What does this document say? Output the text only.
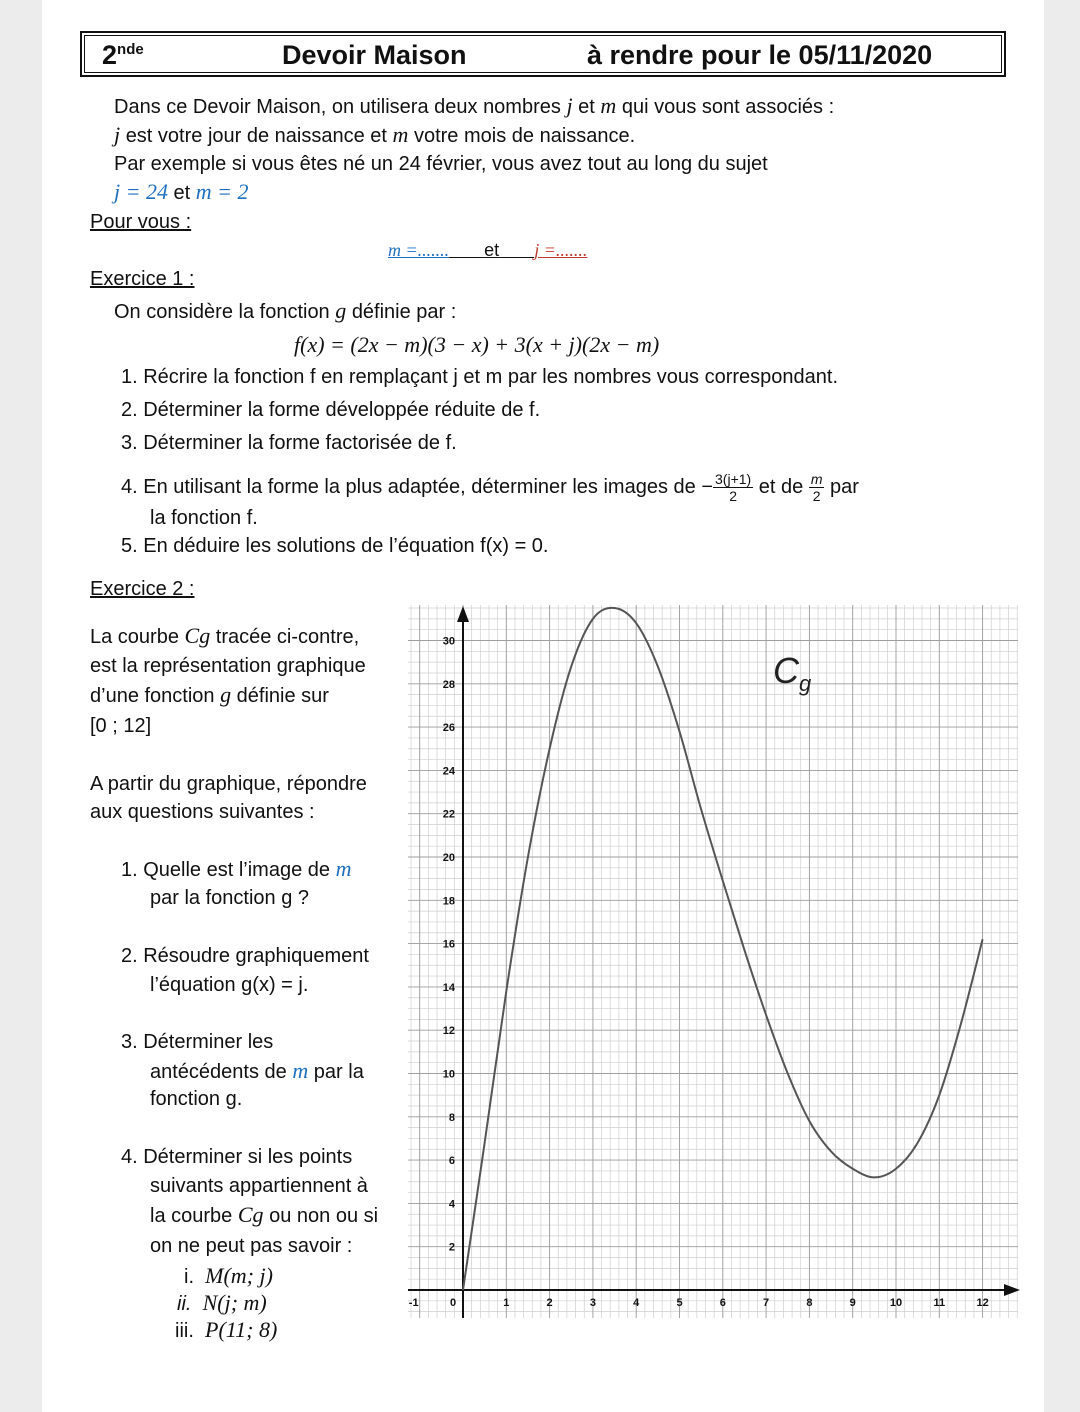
2nde	Devoir Maison	à rendre pour le 05/11/2020
Dans ce Devoir Maison, on utilisera deux nombres j et m qui vous sont associés :
j est votre jour de naissance et m votre mois de naissance.
Par exemple si vous êtes né un 24 février, vous avez tout au long du sujet
j = 24 et m = 2
Pour vous :
m =....... et j =.......
Exercice 1 :
On considère la fonction g définie par :
f(x) = (2x − m)(3 − x) + 3(x + j)(2x − m)
1. Récrire la fonction f en remplaçant j et m par les nombres vous correspondant.
2. Déterminer la forme développée réduite de f.
3. Déterminer la forme factorisée de f.
4. En utilisant la forme la plus adaptée, déterminer les images de − $\frac{3(j+1)}{2}$ et de $\frac{m}{2}$ par
la fonction f.
5. En déduire les solutions de l’équation f(x) = 0.
Exercice 2 :
La courbe Cg tracée ci-contre,
est la représentation graphique
d’une fonction g définie sur
[0 ; 12]
A partir du graphique, répondre
aux questions suivantes :
1. Quelle est l’image de m
par la fonction g ?
2. Résoudre graphiquement
l’équation g(x) = j.
3. Déterminer les
antécédents de m par la
fonction g.
4. Déterminer si les points
suivants appartiennent à
la courbe Cg ou non ou si
on ne peut pas savoir :
i. M(m; j)
ii. N(j; m)
iii. P(11; 8)
-1	0	1	2	3	4	5	6	7	8	9	10	11	12
2
4
6
8
10
12
14
16
18
20
22
24
26
28
30
$C_g$
